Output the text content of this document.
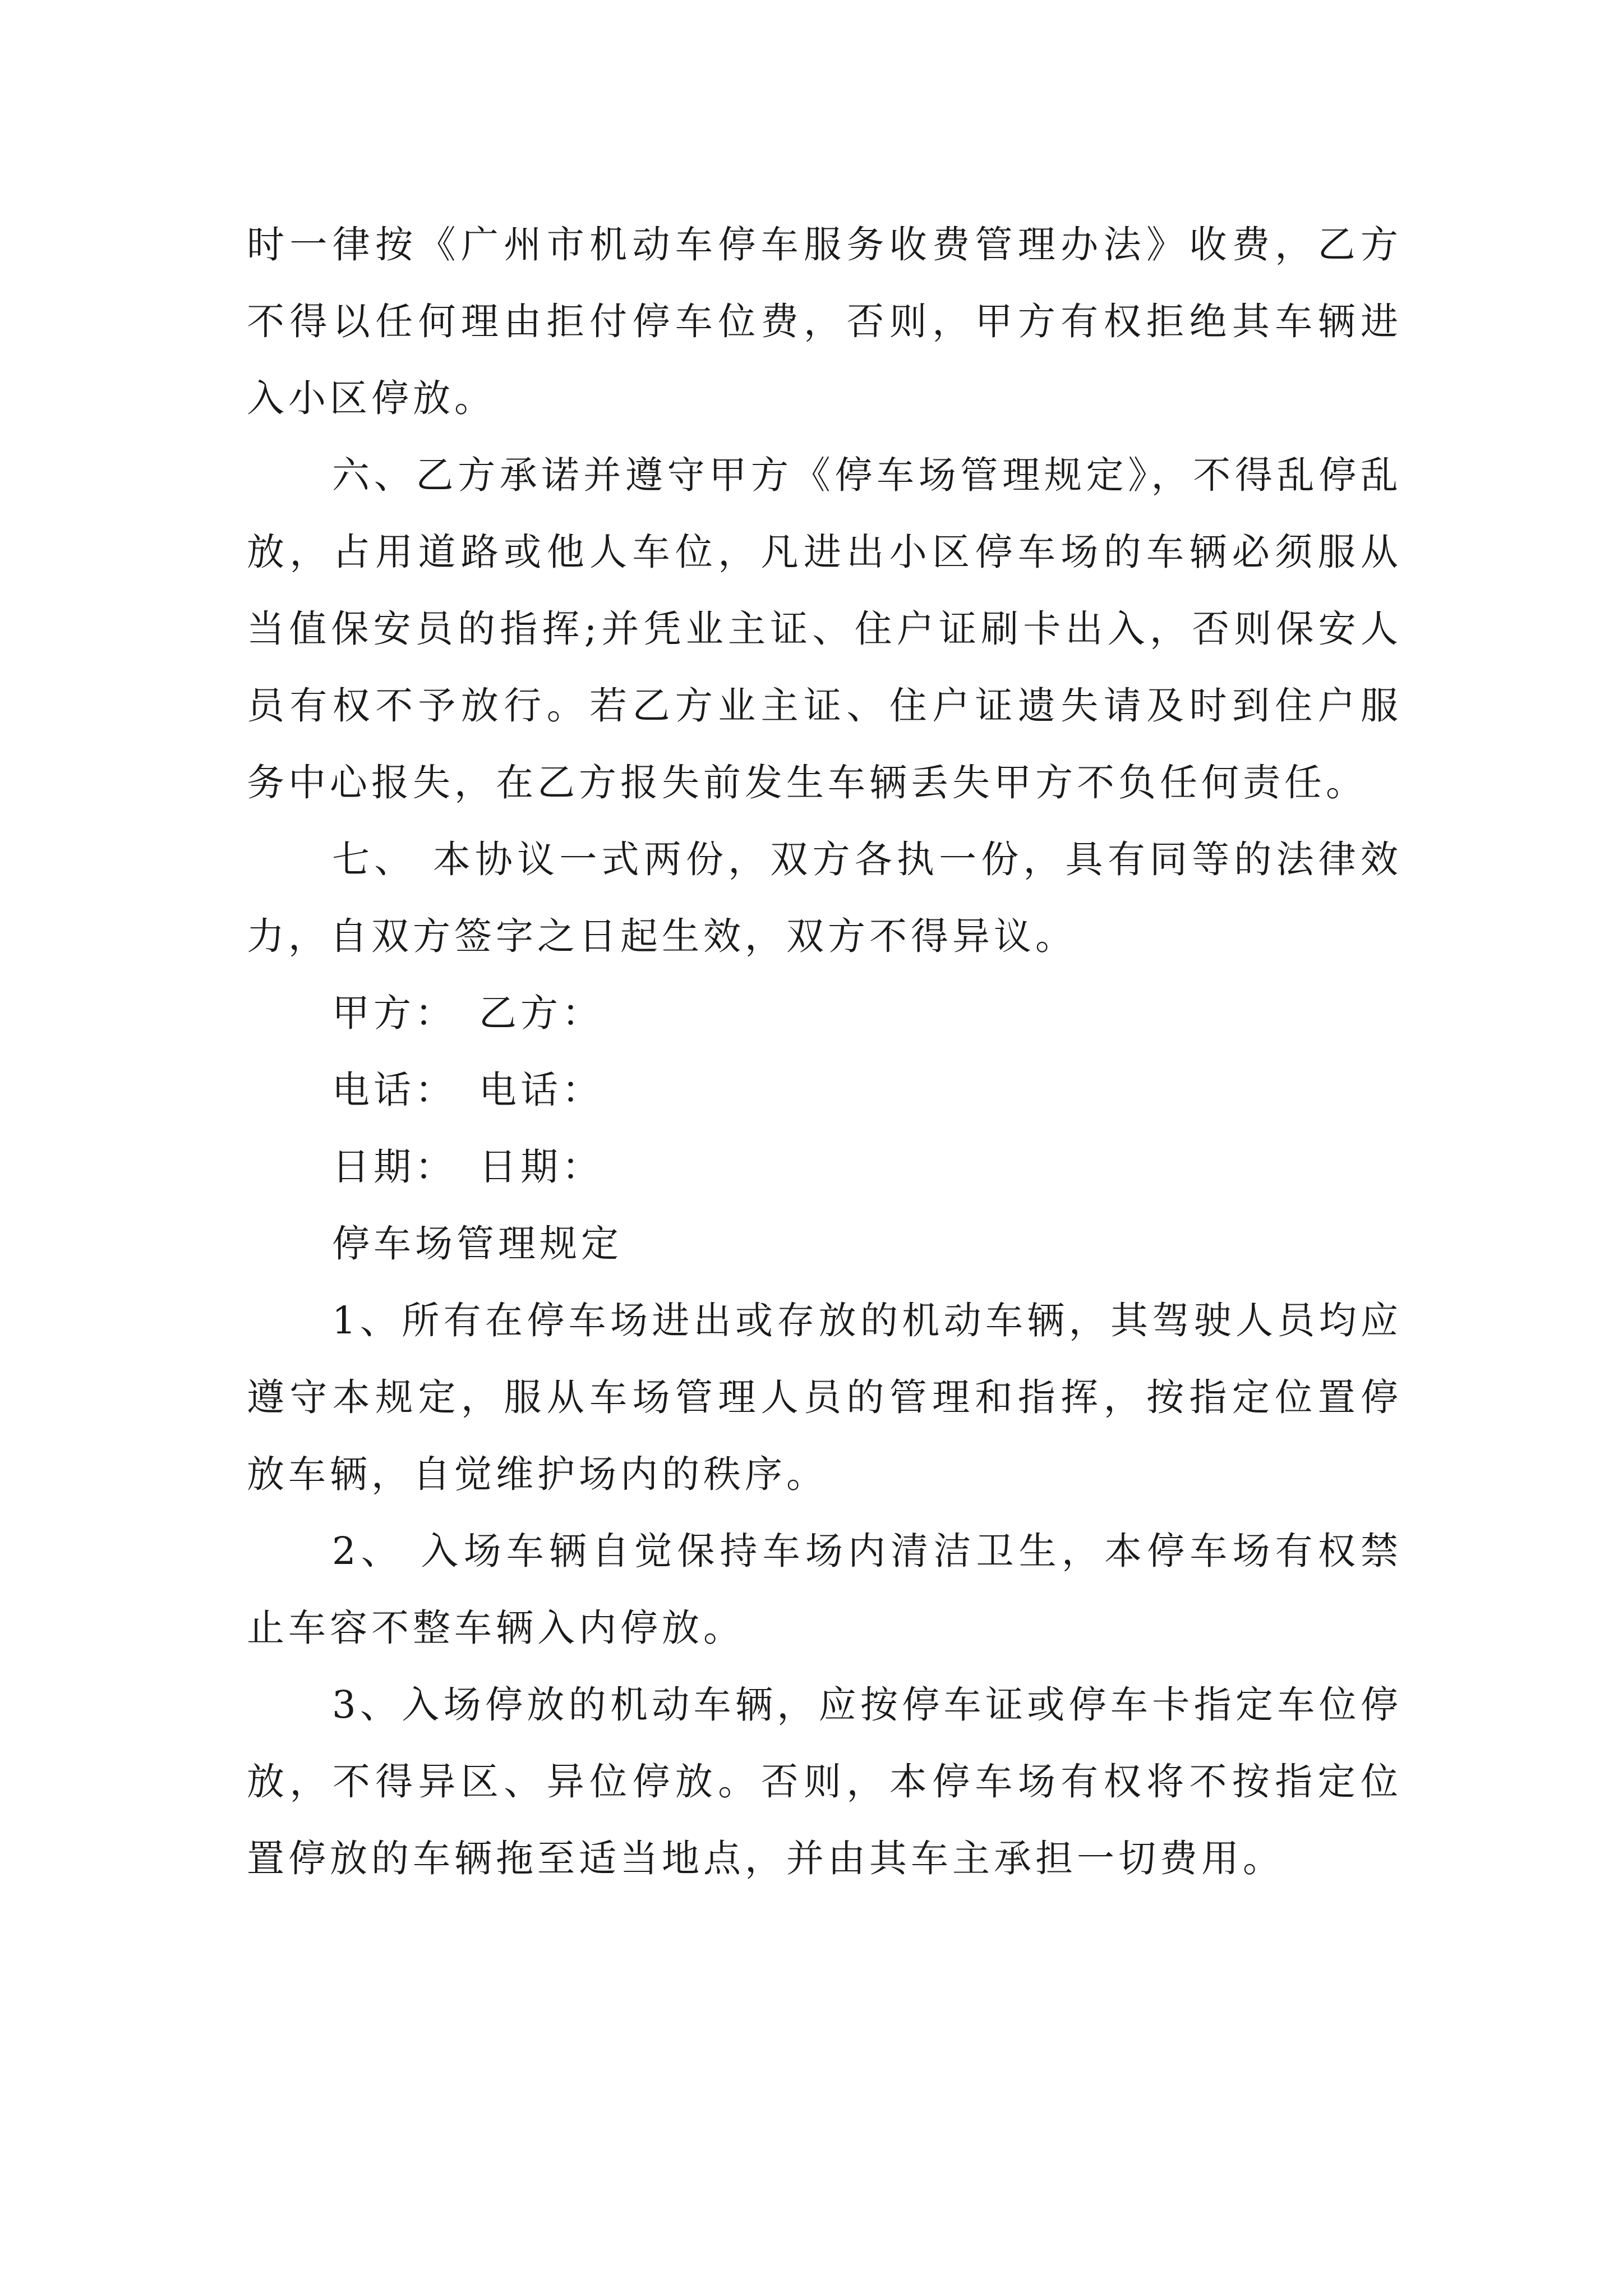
时一律按《广州市机动车停车服务收费管理办法》收费，乙方不得以任何理由拒付停车位费，否则，甲方有权拒绝其车辆进入小区停放。

六、乙方承诺并遵守甲方《停车场管理规定》，不得乱停乱放，占用道路或他人车位，凡进出小区停车场的车辆必须服从当值保安员的指挥;并凭业主证、住户证刷卡出入，否则保安人员有权不予放行。若乙方业主证、住户证遗失请及时到住户服务中心报失，在乙方报失前发生车辆丢失甲方不负任何责任。

七、 本协议一式两份，双方各执一份，具有同等的法律效力，自双方签字之日起生效，双方不得异议。

甲方： 乙方：

电话： 电话：

日期： 日期：

停车场管理规定

1、所有在停车场进出或存放的机动车辆，其驾驶人员均应遵守本规定，服从车场管理人员的管理和指挥，按指定位置停放车辆，自觉维护场内的秩序。

2、 入场车辆自觉保持车场内清洁卫生，本停车场有权禁止车容不整车辆入内停放。

3、入场停放的机动车辆，应按停车证或停车卡指定车位停放，不得异区、异位停放。否则，本停车场有权将不按指定位置停放的车辆拖至适当地点，并由其车主承担一切费用。
